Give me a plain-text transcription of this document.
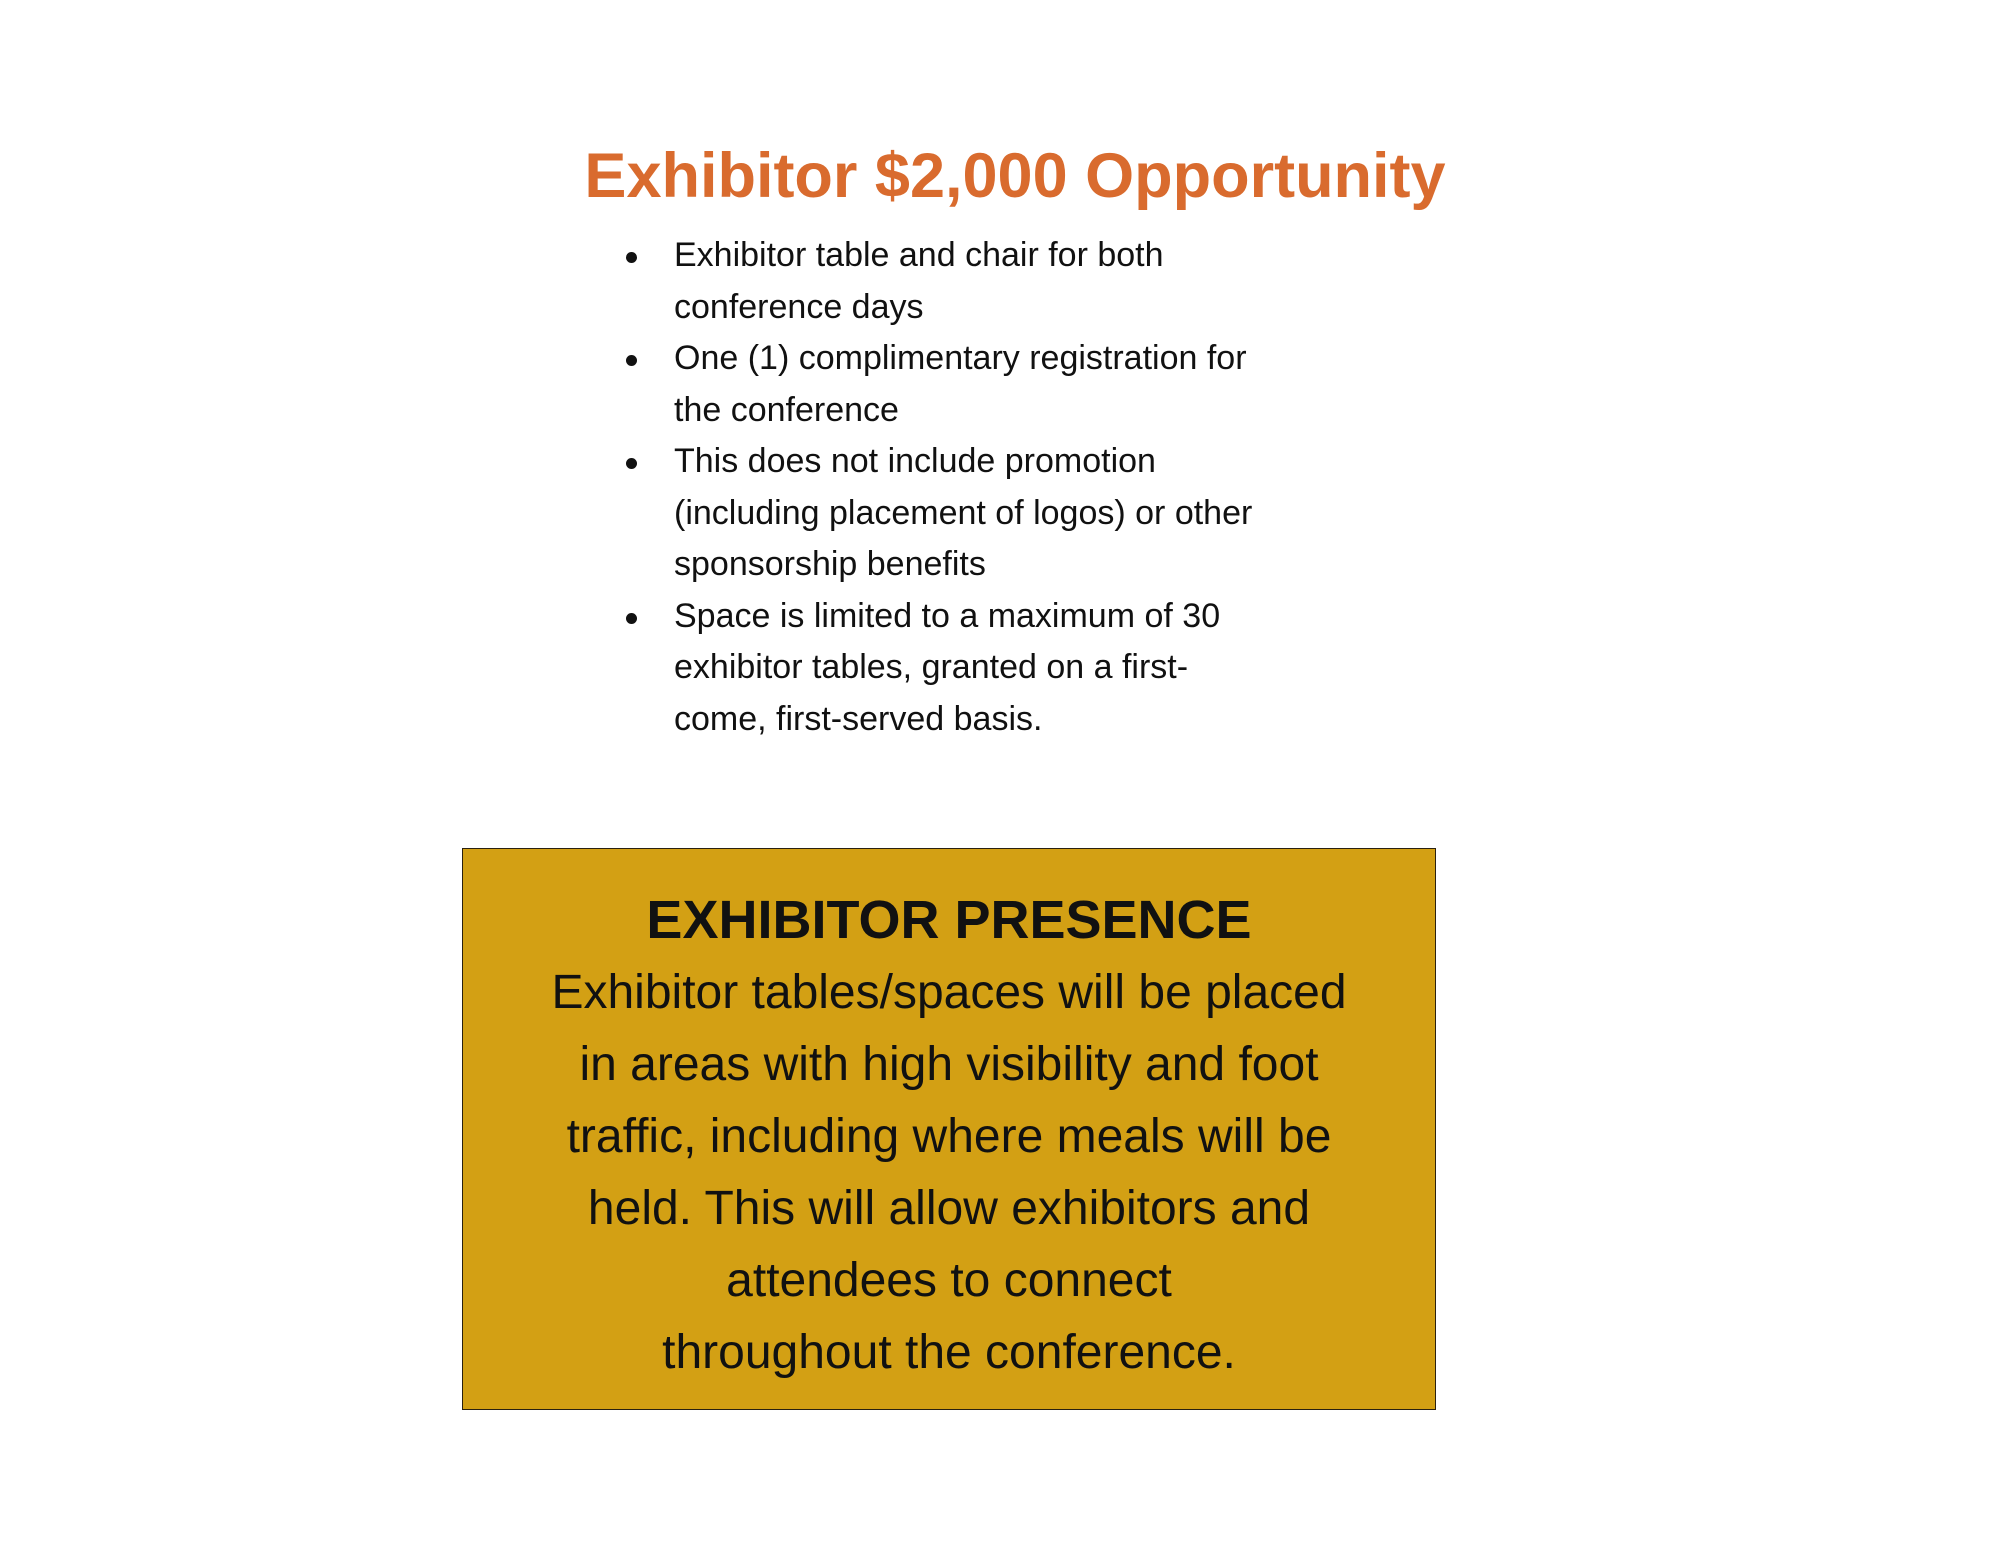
Exhibitor $2,000 Opportunity
Exhibitor table and chair for both
conference days
One (1) complimentary registration for
the conference
This does not include promotion
(including placement of logos) or other
sponsorship benefits
Space is limited to a maximum of 30
exhibitor tables, granted on a first-
come, first-served basis.
EXHIBITOR PRESENCE
Exhibitor tables/spaces will be placed
in areas with high visibility and foot
traffic, including where meals will be
held. This will allow exhibitors and
attendees to connect
throughout the conference.
